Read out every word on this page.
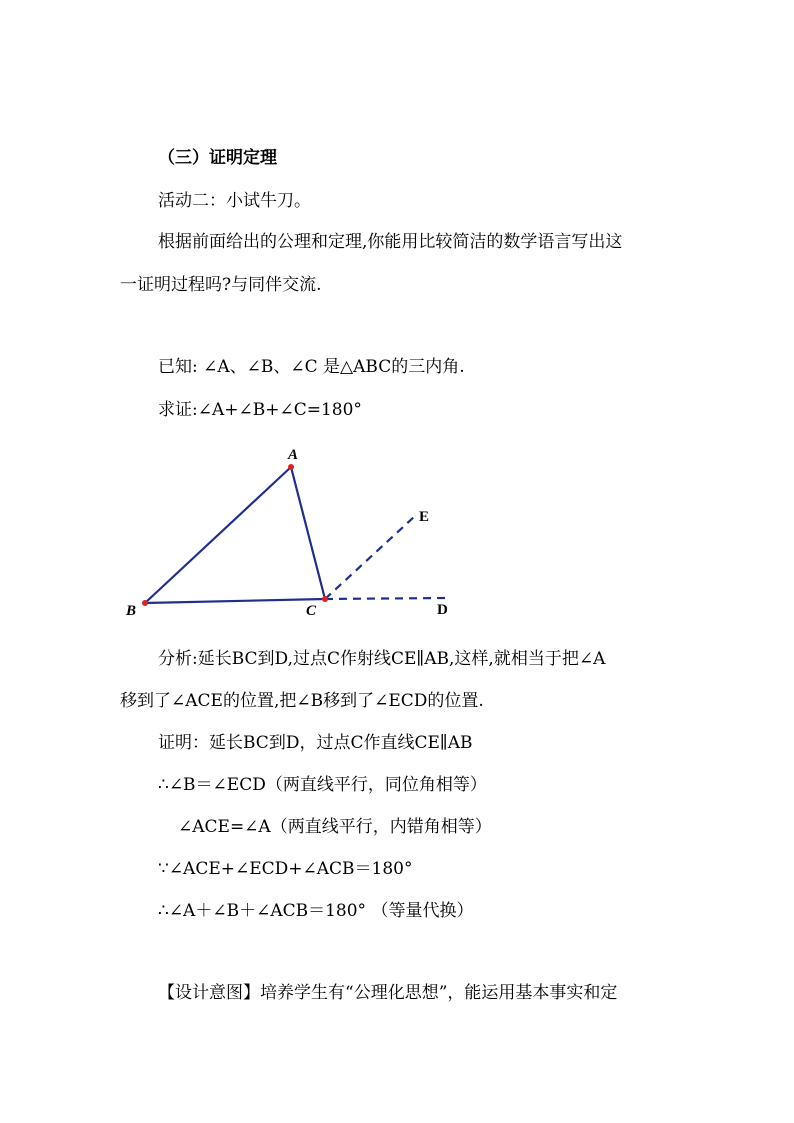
（三）证明定理
活动二：小试牛刀。
根据前面给出的公理和定理,你能用比较简洁的数学语言写出这
一证明过程吗?与同伴交流.
已知: ∠A、∠B、∠C 是△ABC的三内角.
求证:∠A+∠B+∠C=180°
A
B	C	D
E
分析:延长BC到D,过点C作射线CE∥AB,这样,就相当于把∠A
移到了∠ACE的位置,把∠B移到了∠ECD的位置.
证明：延长BC到D，过点C作直线CE∥AB
∴∠B＝∠ECD（两直线平行，同位角相等）
∠ACE=∠A（两直线平行，内错角相等）
∵∠ACE+∠ECD+∠ACB＝180°
∴∠A＋∠B＋∠ACB＝180° （等量代换）
【设计意图】培养学生有“公理化思想”，能运用基本事实和定
